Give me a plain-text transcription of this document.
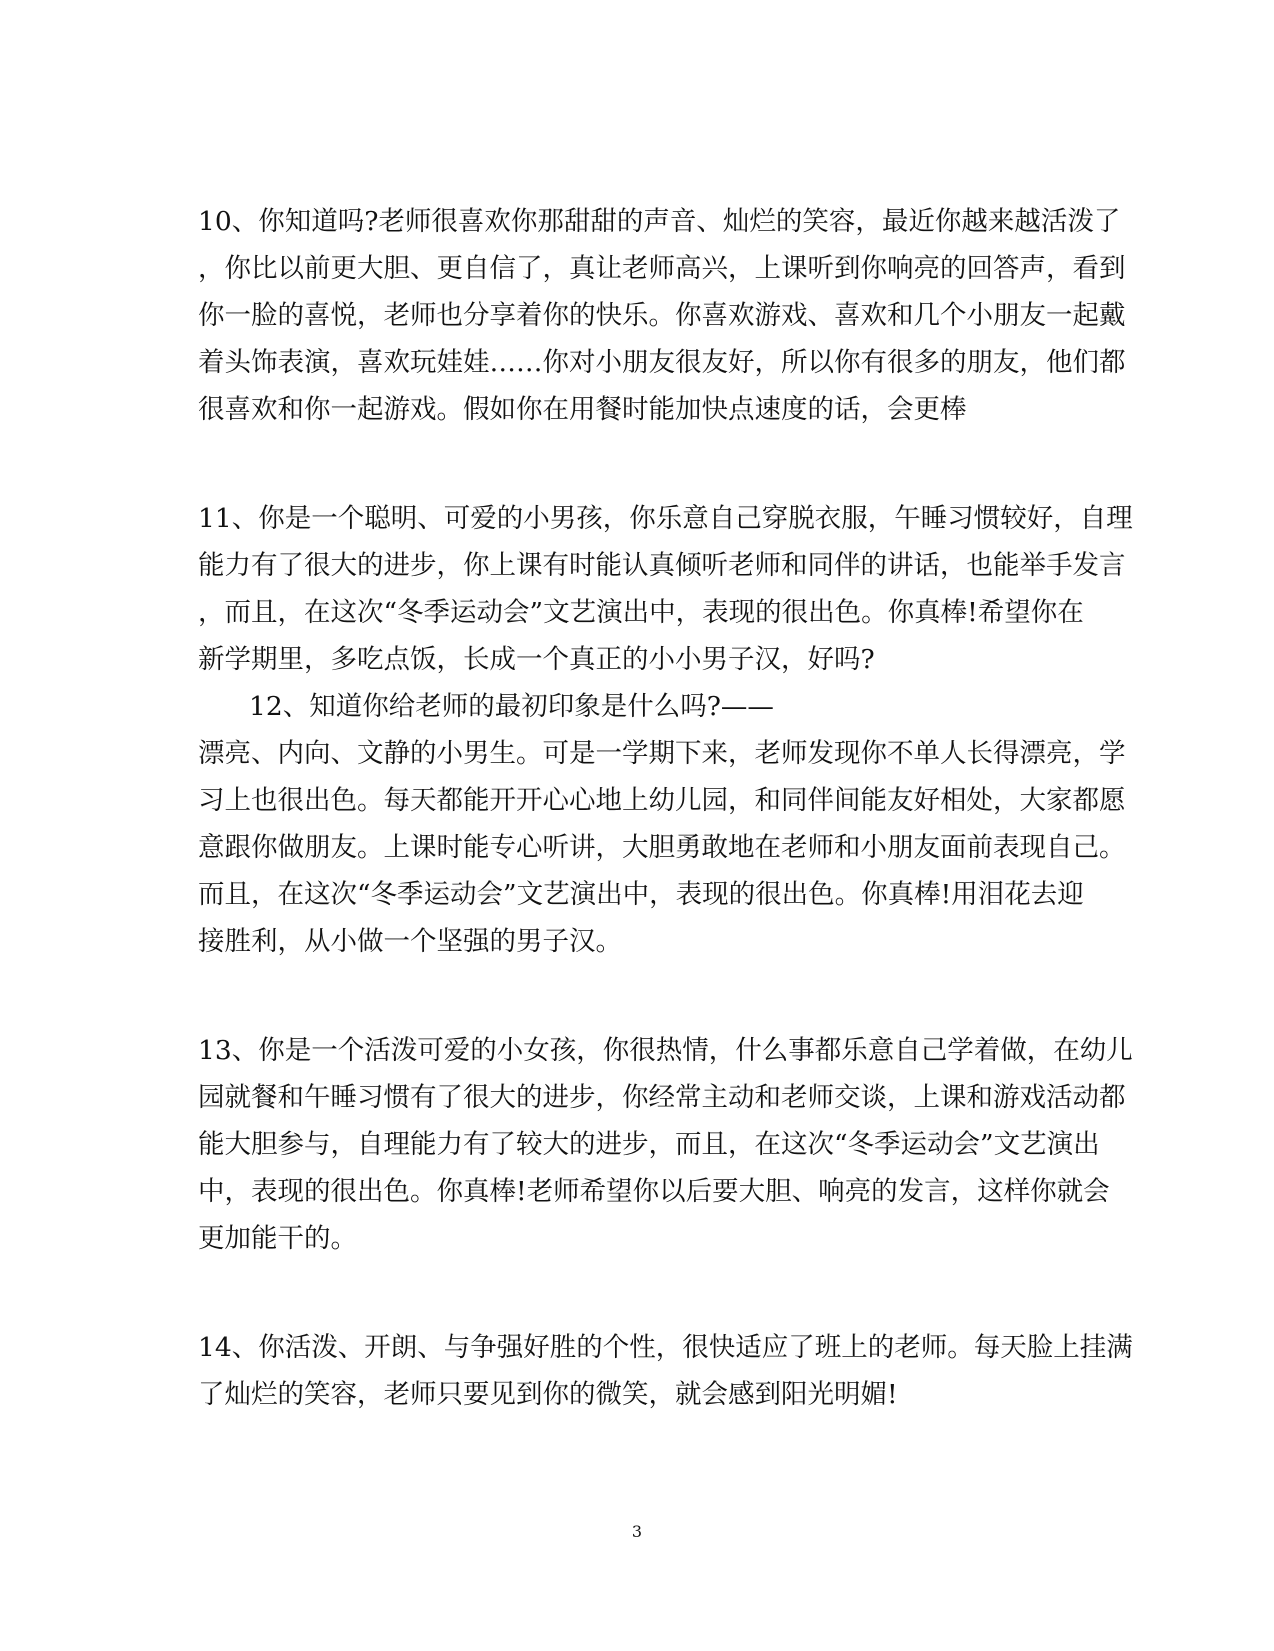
10、你知道吗?老师很喜欢你那甜甜的声音、灿烂的笑容，最近你越来越活泼了
，你比以前更大胆、更自信了，真让老师高兴，上课听到你响亮的回答声，看到
你一脸的喜悦，老师也分享着你的快乐。你喜欢游戏、喜欢和几个小朋友一起戴
着头饰表演，喜欢玩娃娃……你对小朋友很友好，所以你有很多的朋友，他们都
很喜欢和你一起游戏。假如你在用餐时能加快点速度的话，会更棒
11、你是一个聪明、可爱的小男孩，你乐意自己穿脱衣服，午睡习惯较好，自理
能力有了很大的进步，你上课有时能认真倾听老师和同伴的讲话，也能举手发言
，而且，在这次“冬季运动会”文艺演出中，表现的很出色。你真棒!希望你在
新学期里，多吃点饭，长成一个真正的小小男子汉，好吗?
12、知道你给老师的最初印象是什么吗?——
漂亮、内向、文静的小男生。可是一学期下来，老师发现你不单人长得漂亮，学
习上也很出色。每天都能开开心心地上幼儿园，和同伴间能友好相处，大家都愿
意跟你做朋友。上课时能专心听讲，大胆勇敢地在老师和小朋友面前表现自己。
而且，在这次“冬季运动会”文艺演出中，表现的很出色。你真棒!用泪花去迎
接胜利，从小做一个坚强的男子汉。
13、你是一个活泼可爱的小女孩，你很热情，什么事都乐意自己学着做，在幼儿
园就餐和午睡习惯有了很大的进步，你经常主动和老师交谈，上课和游戏活动都
能大胆参与，自理能力有了较大的进步，而且，在这次“冬季运动会”文艺演出
中，表现的很出色。你真棒!老师希望你以后要大胆、响亮的发言，这样你就会
更加能干的。
14、你活泼、开朗、与争强好胜的个性，很快适应了班上的老师。每天脸上挂满
了灿烂的笑容，老师只要见到你的微笑，就会感到阳光明媚!
3
